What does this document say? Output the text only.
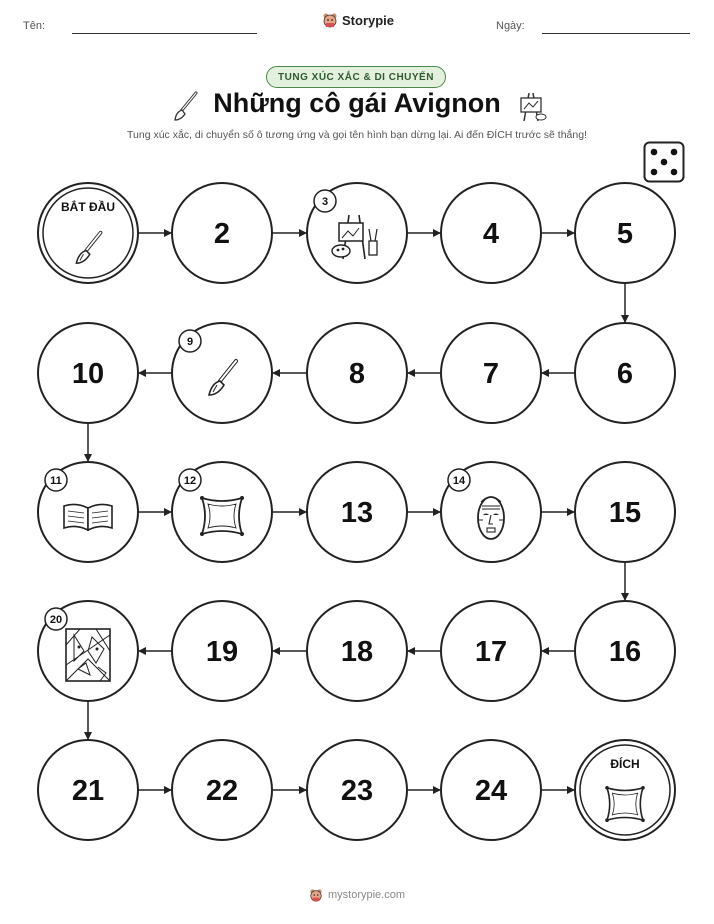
Tên:	Ngày:
Storypie
TUNG XÚC XẮC & DI CHUYỂN
Những cô gái Avignon
Tung xúc xắc, di chuyển số ô tương ứng và gọi tên hình bạn dừng lại. Ai đến ĐÍCH trước sẽ thắng!
BẮT ĐẦU
2
3
4	5
6
7
8
9
10
11	12
13
14
15
16
17
18
19
20
21	22	23	24
ĐÍCH
mystorypie.com
